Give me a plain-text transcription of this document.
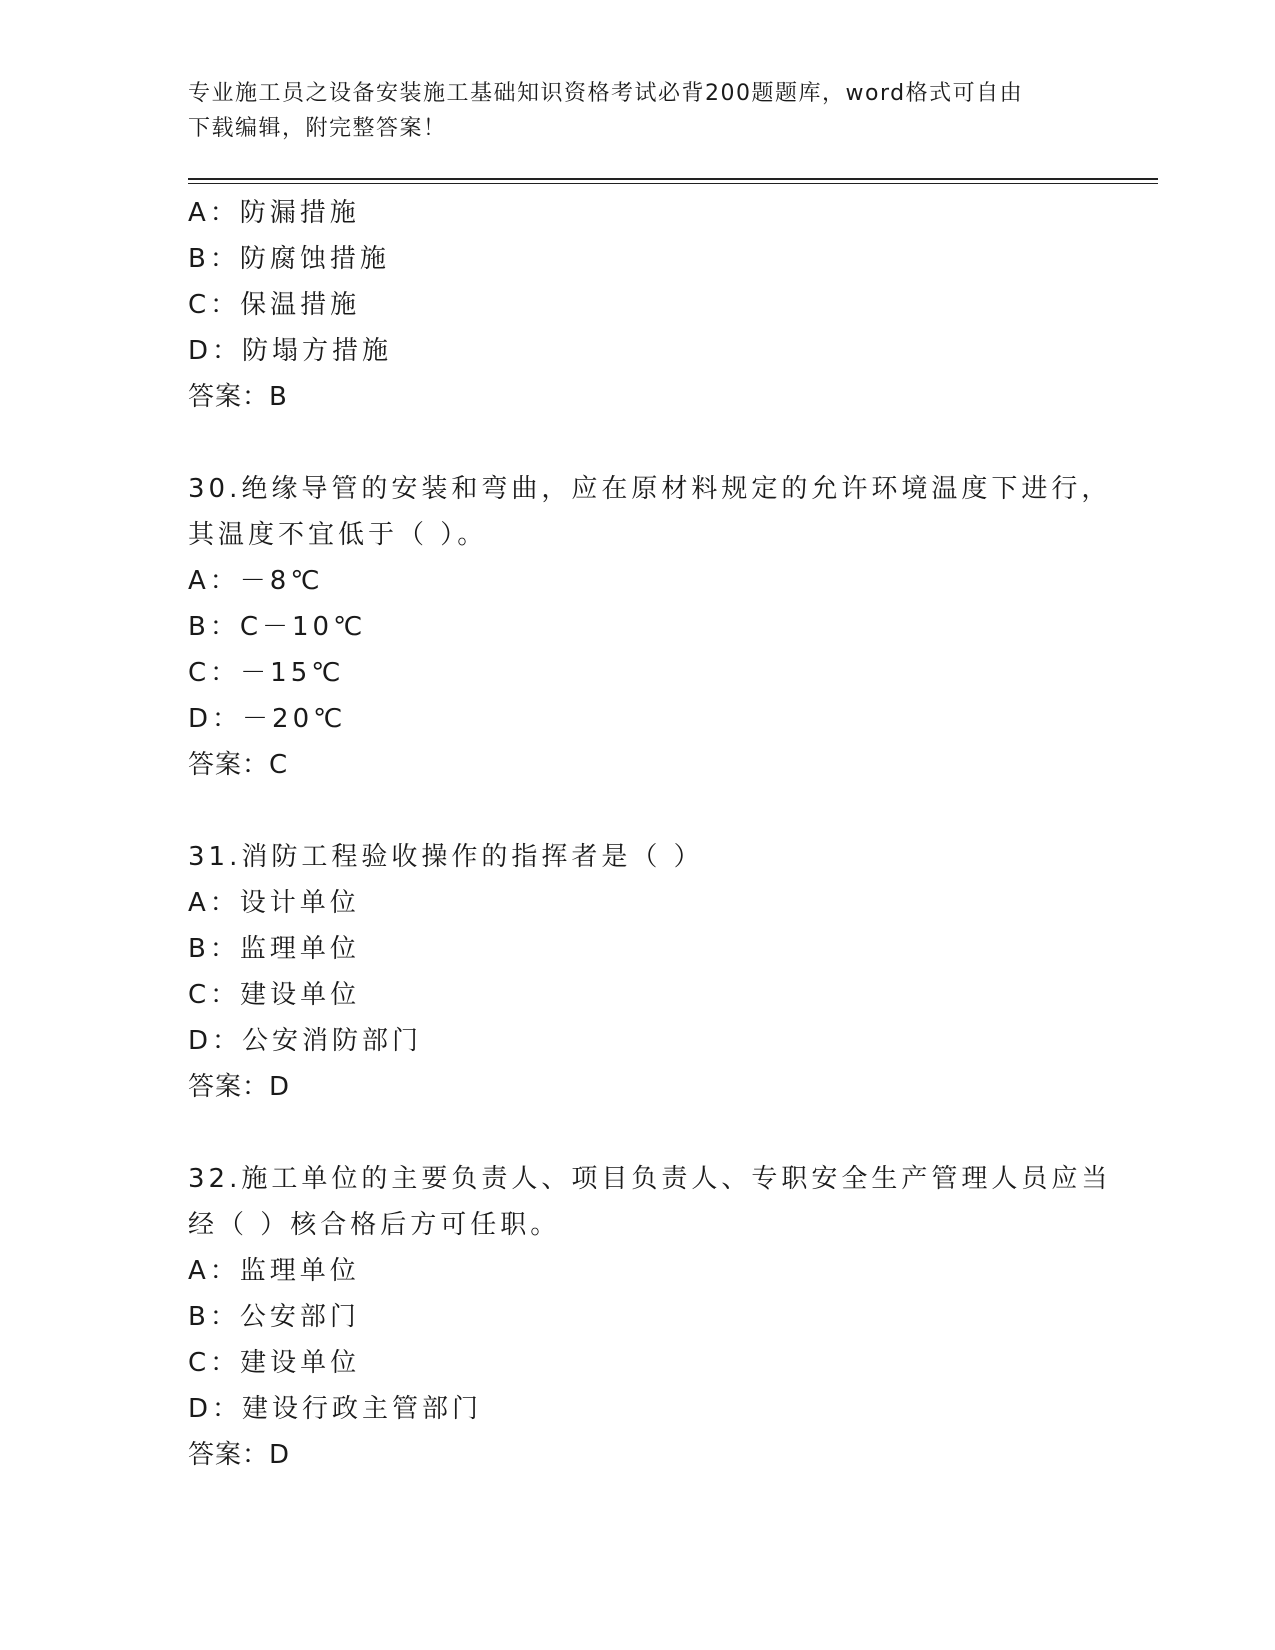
专业施工员之设备安装施工基础知识资格考试必背200题题库，word格式可自由
下载编辑，附完整答案！
A：防漏措施
B：防腐蚀措施
C：保温措施
D：防塌方措施
答案：B
30.绝缘导管的安装和弯曲，应在原材料规定的允许环境温度下进行，
其温度不宜低于（ ）。
A：－8℃
B：C－10℃
C：－15℃
D：－20℃
答案：C
31.消防工程验收操作的指挥者是（ ）
A：设计单位
B：监理单位
C：建设单位
D：公安消防部门
答案：D
32.施工单位的主要负责人、项目负责人、专职安全生产管理人员应当
经（ ）核合格后方可任职。
A：监理单位
B：公安部门
C：建设单位
D：建设行政主管部门
答案：D
